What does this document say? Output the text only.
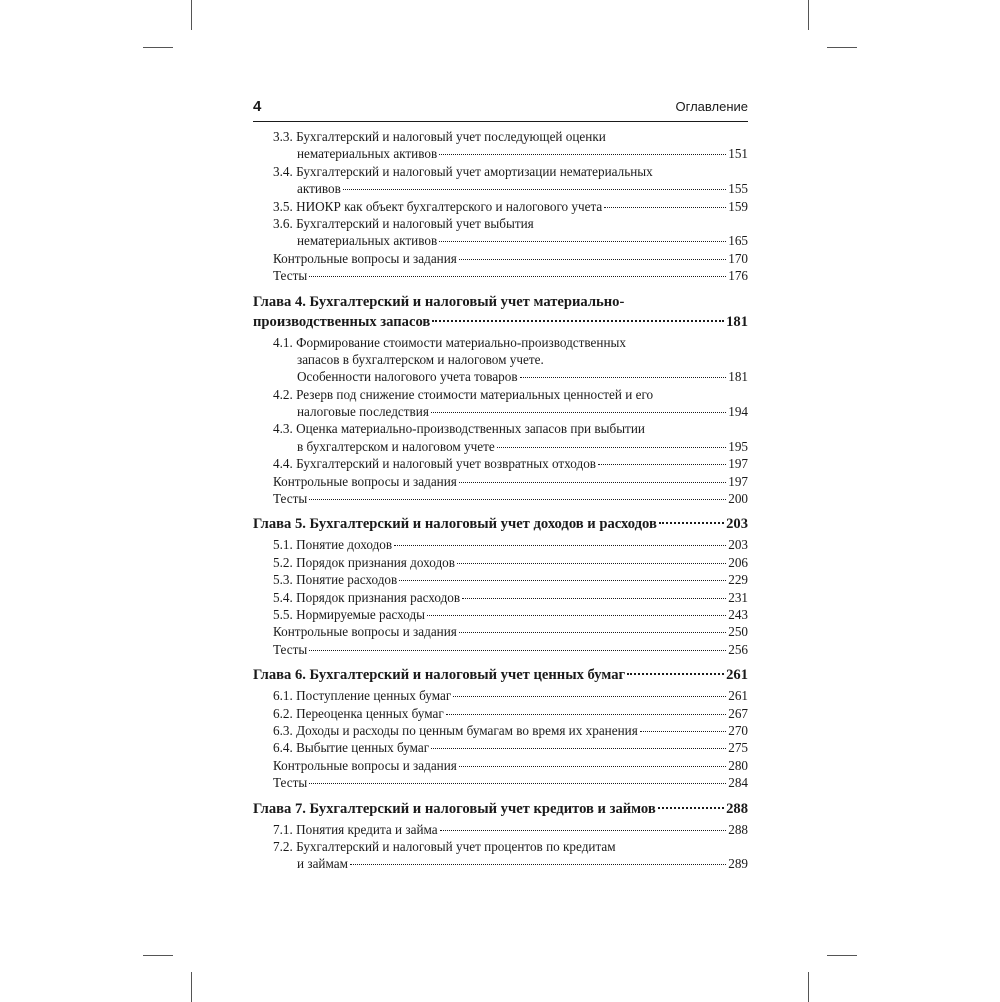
4	Оглавление
3.3. Бухгалтерский и налоговый учет последующей оценки
нематериальных активов	151
3.4. Бухгалтерский и налоговый учет амортизации нематериальных
активов	155
3.5. НИОКР как объект бухгалтерского и налогового учета	159
3.6. Бухгалтерский и налоговый учет выбытия
нематериальных активов	165
Контрольные вопросы и задания	170
Тесты	176
Глава 4. Бухгалтерский и налоговый учет материально-
производственных запасов	181
4.1. Формирование стоимости материально-производственных
запасов в бухгалтерском и налоговом учете.
Особенности налогового учета товаров	181
4.2. Резерв под снижение стоимости материальных ценностей и его
налоговые последствия	194
4.3. Оценка материально-производственных запасов при выбытии
в бухгалтерском и налоговом учете	195
4.4. Бухгалтерский и налоговый учет возвратных отходов	197
Контрольные вопросы и задания	197
Тесты	200
Глава 5. Бухгалтерский и налоговый учет доходов и расходов	203
5.1. Понятие доходов	203
5.2. Порядок признания доходов	206
5.3. Понятие расходов	229
5.4. Порядок признания расходов	231
5.5. Нормируемые расходы	243
Контрольные вопросы и задания	250
Тесты	256
Глава 6. Бухгалтерский и налоговый учет ценных бумаг	261
6.1. Поступление ценных бумаг	261
6.2. Переоценка ценных бумаг	267
6.3. Доходы и расходы по ценным бумагам во время их хранения	270
6.4. Выбытие ценных бумаг	275
Контрольные вопросы и задания	280
Тесты	284
Глава 7. Бухгалтерский и налоговый учет кредитов и займов	288
7.1. Понятия кредита и займа	288
7.2. Бухгалтерский и налоговый учет процентов по кредитам
и займам	289
